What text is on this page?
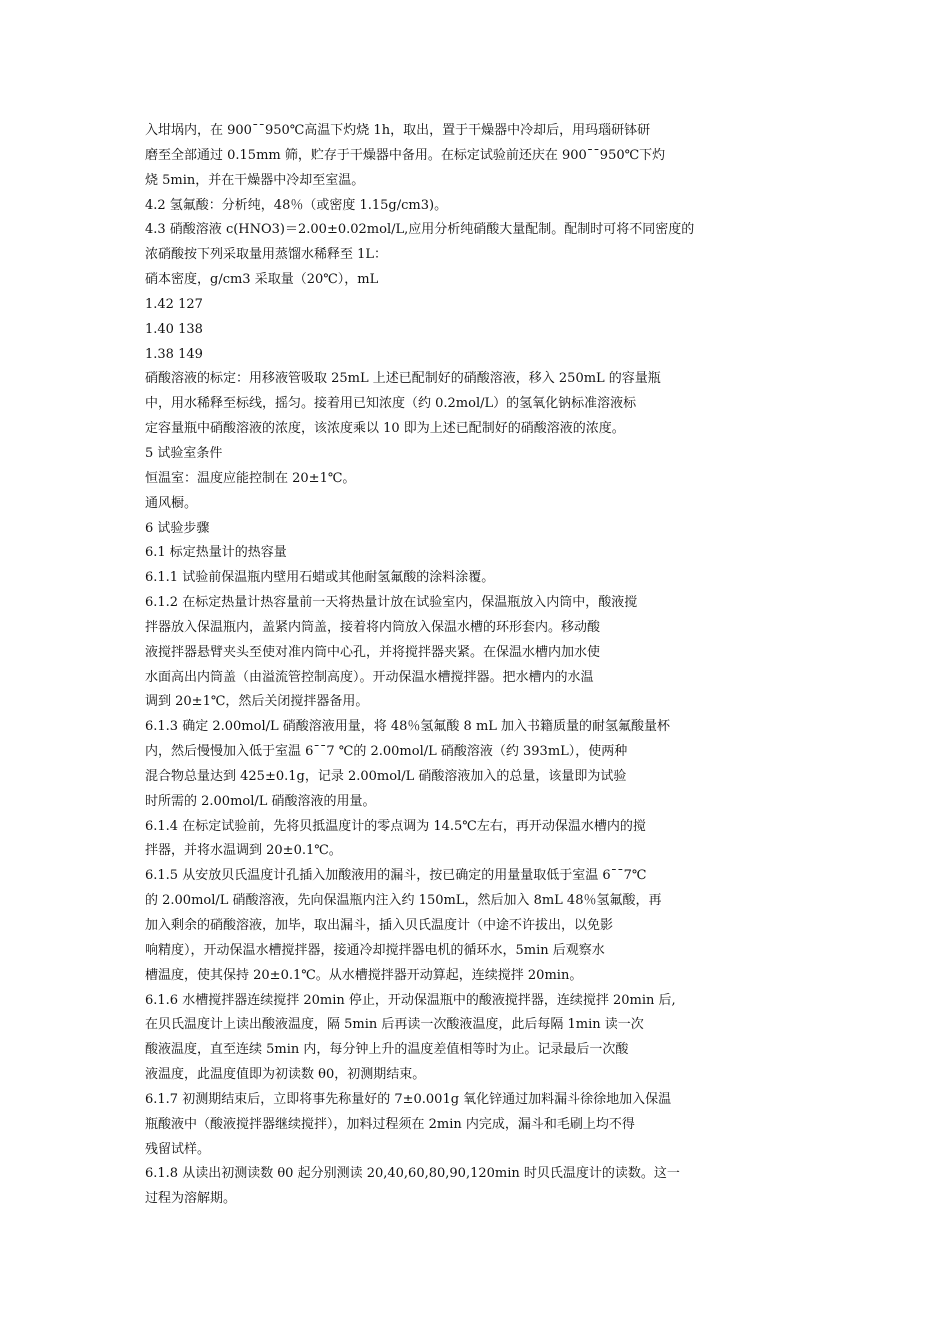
入坩埚内，在 900¯¯950℃高温下灼烧 1h，取出，置于干燥器中冷却后，用玛瑙研钵研
磨至全部通过 0.15mm 筛，贮存于干燥器中备用。在标定试验前还庆在 900¯¯950℃下灼
烧 5min，并在干燥器中冷却至室温。
4.2 氢氟酸：分析纯，48％（或密度 1.15g/cm3)。
4.3 硝酸溶液 c(HNO3)＝2.00±0.02mol/L,应用分析纯硝酸大量配制。配制时可将不同密度的
浓硝酸按下列采取量用蒸馏水稀释至 1L：
硝本密度，g/cm3 采取量（20℃），mL
1.42 127
1.40 138
1.38 149
硝酸溶液的标定：用移液管吸取 25mL 上述已配制好的硝酸溶液，移入 250mL 的容量瓶
中，用水稀释至标线，摇匀。接着用已知浓度（约 0.2mol/L）的氢氧化钠标准溶液标
定容量瓶中硝酸溶液的浓度，该浓度乘以 10 即为上述已配制好的硝酸溶液的浓度。
5 试验室条件
恒温室：温度应能控制在 20±1℃。
通风橱。
6 试验步骤
6.1 标定热量计的热容量
6.1.1 试验前保温瓶内壁用石蜡或其他耐氢氟酸的涂料涂覆。
6.1.2 在标定热量计热容量前一天将热量计放在试验室内，保温瓶放入内筒中，酸液搅
拌器放入保温瓶内，盖紧内筒盖，接着将内筒放入保温水槽的环形套内。移动酸
液搅拌器悬臂夹头至使对准内筒中心孔，并将搅拌器夹紧。在保温水槽内加水使
水面高出内筒盖（由溢流管控制高度）。开动保温水槽搅拌器。把水槽内的水温
调到 20±1℃，然后关闭搅拌器备用。
6.1.3 确定 2.00mol/L 硝酸溶液用量，将 48％氢氟酸 8 mL 加入书籍质量的耐氢氟酸量杯
内，然后慢慢加入低于室温 6¯¯7 ℃的 2.00mol/L 硝酸溶液（约 393mL），使两种
混合物总量达到 425±0.1g，记录 2.00mol/L 硝酸溶液加入的总量，该量即为试验
时所需的 2.00mol/L 硝酸溶液的用量。
6.1.4 在标定试验前，先将贝抵温度计的零点调为 14.5℃左右，再开动保温水槽内的搅
拌器，并将水温调到 20±0.1℃。
6.1.5 从安放贝氏温度计孔插入加酸液用的漏斗，按已确定的用量量取低于室温 6¯¯7℃
的 2.00mol/L 硝酸溶液，先向保温瓶内注入约 150mL，然后加入 8mL 48％氢氟酸，再
加入剩余的硝酸溶液，加毕，取出漏斗，插入贝氏温度计（中途不许拔出，以免影
响精度），开动保温水槽搅拌器，接通冷却搅拌器电机的循环水，5min 后观察水
槽温度，使其保持 20±0.1℃。从水槽搅拌器开动算起，连续搅拌 20min。
6.1.6 水槽搅拌器连续搅拌 20min 停止，开动保温瓶中的酸液搅拌器，连续搅拌 20min 后,
在贝氏温度计上读出酸液温度，隔 5min 后再读一次酸液温度，此后每隔 1min 读一次
酸液温度，直至连续 5min 内，每分钟上升的温度差值相等时为止。记录最后一次酸
液温度，此温度值即为初读数 θ0，初测期结束。
6.1.7 初测期结束后，立即将事先称量好的 7±0.001g 氧化锌通过加料漏斗徐徐地加入保温
瓶酸液中（酸液搅拌器继续搅拌），加料过程须在 2min 内完成，漏斗和毛刷上均不得
残留试样。
6.1.8 从读出初测读数 θ0 起分别测读 20,40,60,80,90,120min 时贝氏温度计的读数。这一
过程为溶解期。
